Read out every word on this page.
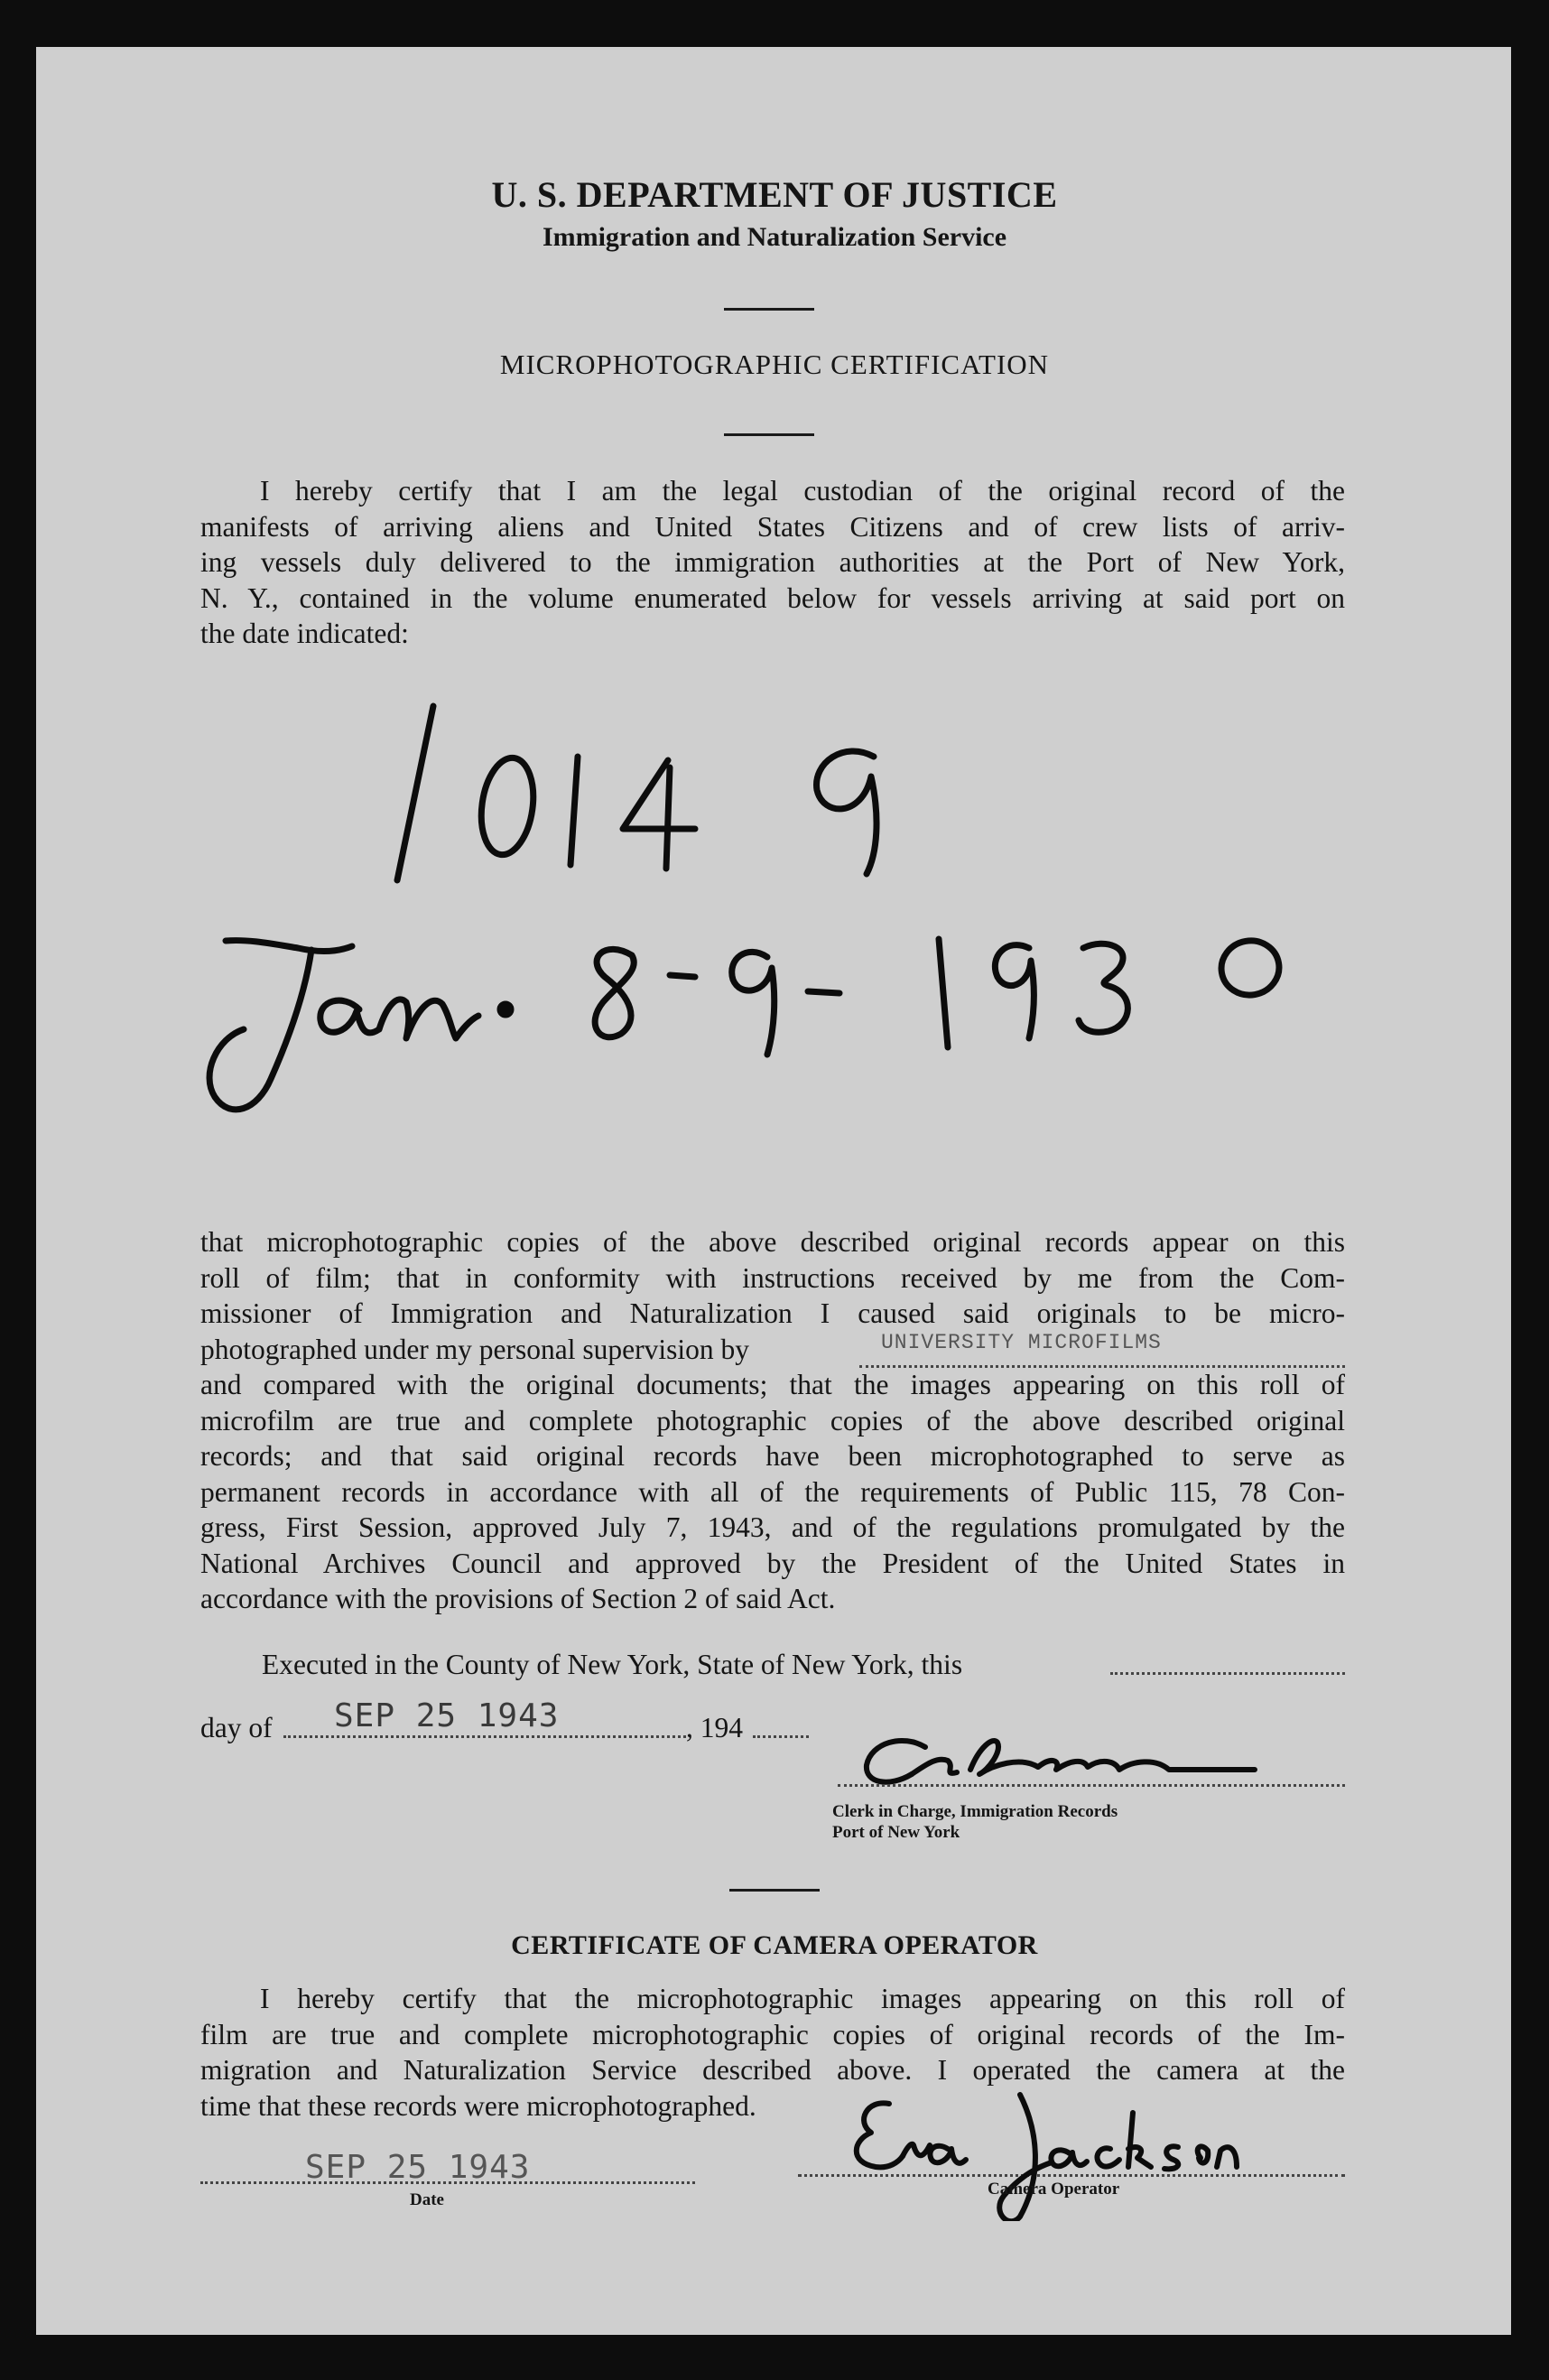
U. S. DEPARTMENT OF JUSTICE
Immigration and Naturalization Service
MICROPHOTOGRAPHIC CERTIFICATION
I hereby certify that I am the legal custodian of the original record of the
manifests of arriving aliens and United States Citizens and of crew lists of arriv-
ing vessels duly delivered to the immigration authorities at the Port of New York,
N. Y., contained in the volume enumerated below for vessels arriving at said port on
the date indicated:
that microphotographic copies of the above described original records appear on this
roll of film; that in conformity with instructions received by me from the Com-
missioner of Immigration and Naturalization I caused said originals to be micro-
photographed under my personal supervision by
and compared with the original documents; that the images appearing on this roll of
microfilm are true and complete photographic copies of the above described original
records; and that said original records have been microphotographed to serve as
permanent records in accordance with all of the requirements of Public 115, 78 Con-
gress, First Session, approved July 7, 1943, and of the regulations promulgated by the
National Archives Council and approved by the President of the United States in
accordance with the provisions of Section 2 of said Act.
UNIVERSITY MICROFILMS
Executed in the County of New York, State of New York, this
day of SEP 25 1943	, 194
Clerk in Charge, Immigration Records
Port of New York
CERTIFICATE OF CAMERA OPERATOR
I hereby certify that the microphotographic images appearing on this roll of
film are true and complete microphotographic copies of original records of the Im-
migration and Naturalization Service described above. I operated the camera at the
time that these records were microphotographed.
SEP 25 1943
Date
Camera Operator
